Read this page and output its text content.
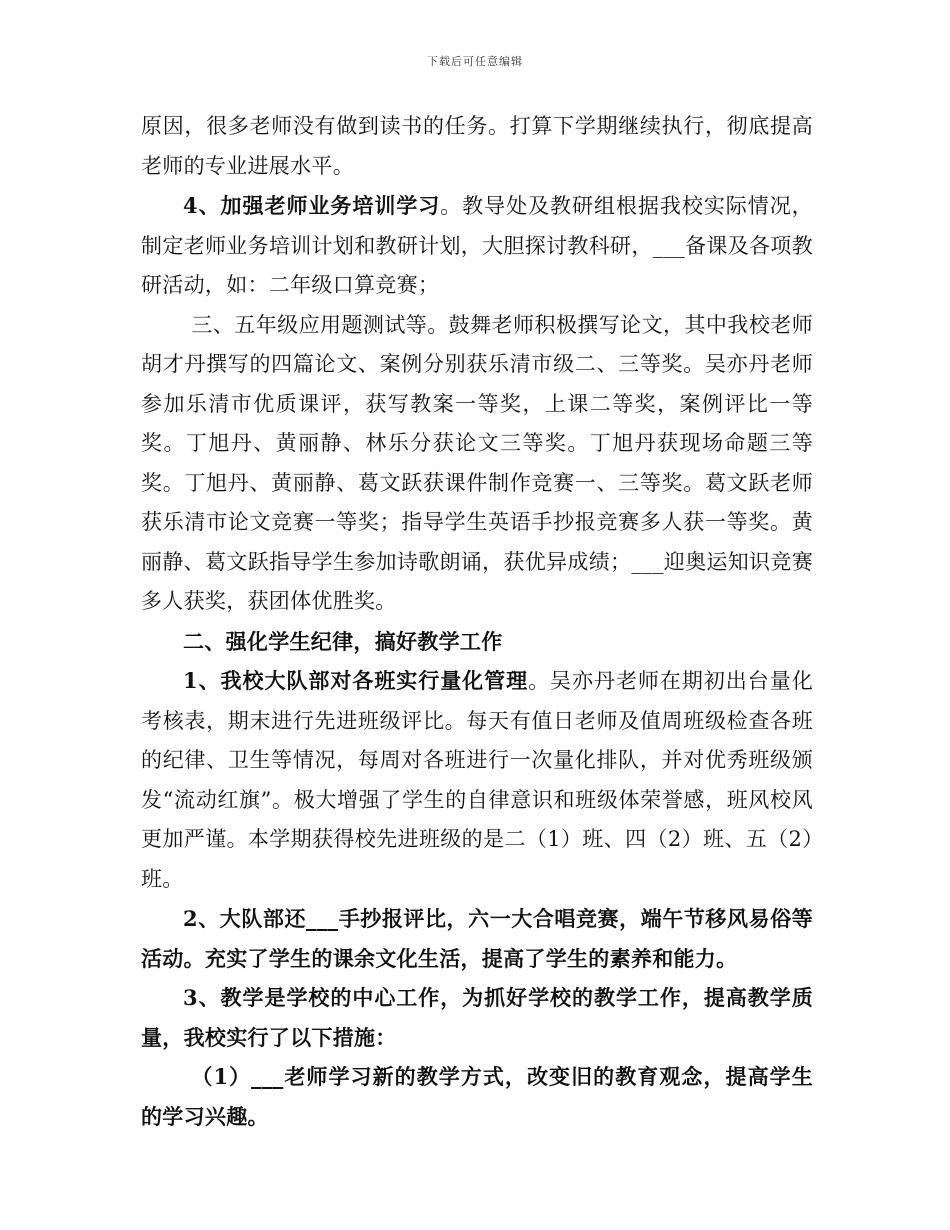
下载后可任意编辑

原因，很多老师没有做到读书的任务。打算下学期继续执行，彻底提高老师的专业进展水平。

4、加强老师业务培训学习。教导处及教研组根据我校实际情况，制定老师业务培训计划和教研计划，大胆探讨教科研，___备课及各项教研活动，如：二年级口算竞赛；

三、五年级应用题测试等。鼓舞老师积极撰写论文，其中我校老师胡才丹撰写的四篇论文、案例分别获乐清市级二、三等奖。吴亦丹老师参加乐清市优质课评，获写教案一等奖，上课二等奖，案例评比一等奖。丁旭丹、黄丽静、林乐分获论文三等奖。丁旭丹获现场命题三等奖。丁旭丹、黄丽静、葛文跃获课件制作竞赛一、三等奖。葛文跃老师获乐清市论文竞赛一等奖；指导学生英语手抄报竞赛多人获一等奖。黄丽静、葛文跃指导学生参加诗歌朗诵，获优异成绩；___迎奥运知识竞赛多人获奖，获团体优胜奖。

二、强化学生纪律，搞好教学工作

1、我校大队部对各班实行量化管理。吴亦丹老师在期初出台量化考核表，期末进行先进班级评比。每天有值日老师及值周班级检查各班的纪律、卫生等情况，每周对各班进行一次量化排队，并对优秀班级颁发“流动红旗”。极大增强了学生的自律意识和班级体荣誉感，班风校风更加严谨。本学期获得校先进班级的是二（1）班、四（2）班、五（2）班。

2、大队部还___手抄报评比，六一大合唱竞赛，端午节移风易俗等活动。充实了学生的课余文化生活，提高了学生的素养和能力。

3、教学是学校的中心工作，为抓好学校的教学工作，提高教学质量，我校实行了以下措施：

（1）___老师学习新的教学方式，改变旧的教育观念，提高学生的学习兴趣。
